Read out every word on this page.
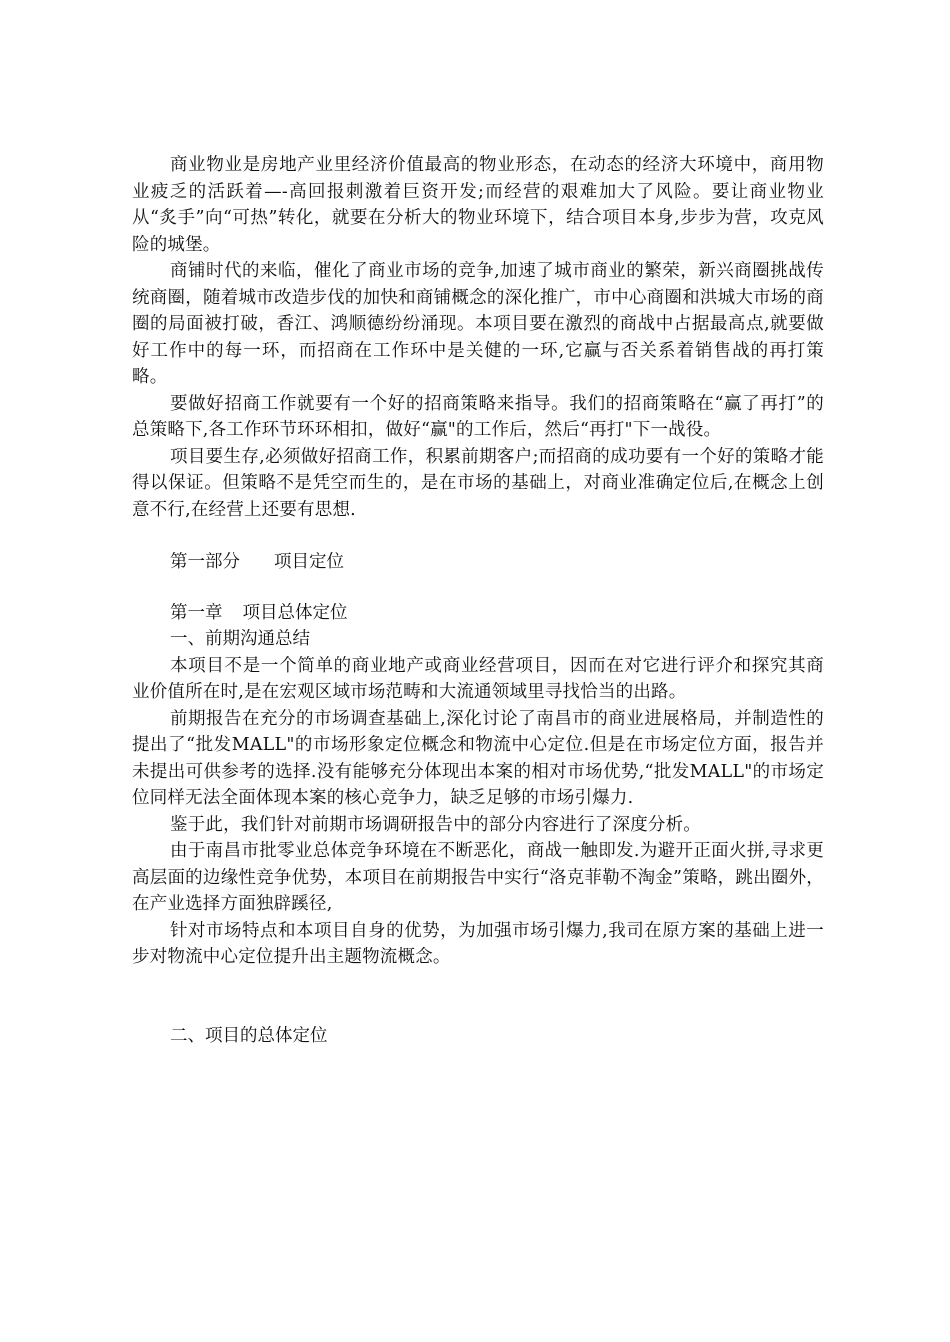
商业物业是房地产业里经济价值最高的物业形态，在动态的经济大环境中，商用物业疲乏的活跃着—-高回报刺激着巨资开发;而经营的艰难加大了风险。要让商业物业从“炙手”向“可热”转化，就要在分析大的物业环境下，结合项目本身,步步为营，攻克风险的城堡。

商铺时代的来临，催化了商业市场的竞争,加速了城市商业的繁荣，新兴商圈挑战传统商圈，随着城市改造步伐的加快和商铺概念的深化推广，市中心商圈和洪城大市场的商圈的局面被打破，香江、鸿顺德纷纷涌现。本项目要在激烈的商战中占据最高点,就要做好工作中的每一环，而招商在工作环中是关健的一环,它赢与否关系着销售战的再打策略。

要做好招商工作就要有一个好的招商策略来指导。我们的招商策略在“赢了再打”的总策略下,各工作环节环环相扣，做好“赢"的工作后，然后“再打"下一战役。

项目要生存,必须做好招商工作，积累前期客户;而招商的成功要有一个好的策略才能得以保证。但策略不是凭空而生的，是在市场的基础上，对商业准确定位后,在概念上创意不行,在经营上还要有思想.

第一部分 项目定位

第一章 项目总体定位

一、前期沟通总结

本项目不是一个简单的商业地产或商业经营项目，因而在对它进行评介和探究其商业价值所在时,是在宏观区域市场范畴和大流通领域里寻找恰当的出路。

前期报告在充分的市场调查基础上,深化讨论了南昌市的商业进展格局，并制造性的提出了“批发MALL"的市场形象定位概念和物流中心定位.但是在市场定位方面，报告并未提出可供参考的选择.没有能够充分体现出本案的相对市场优势,“批发MALL"的市场定位同样无法全面体现本案的核心竞争力，缺乏足够的市场引爆力.

鉴于此，我们针对前期市场调研报告中的部分内容进行了深度分析。

由于南昌市批零业总体竞争环境在不断恶化，商战一触即发.为避开正面火拼,寻求更高层面的边缘性竞争优势，本项目在前期报告中实行“洛克菲勒不淘金”策略，跳出圈外，在产业选择方面独辟蹊径,

针对市场特点和本项目自身的优势，为加强市场引爆力,我司在原方案的基础上进一步对物流中心定位提升出主题物流概念。

二、项目的总体定位
